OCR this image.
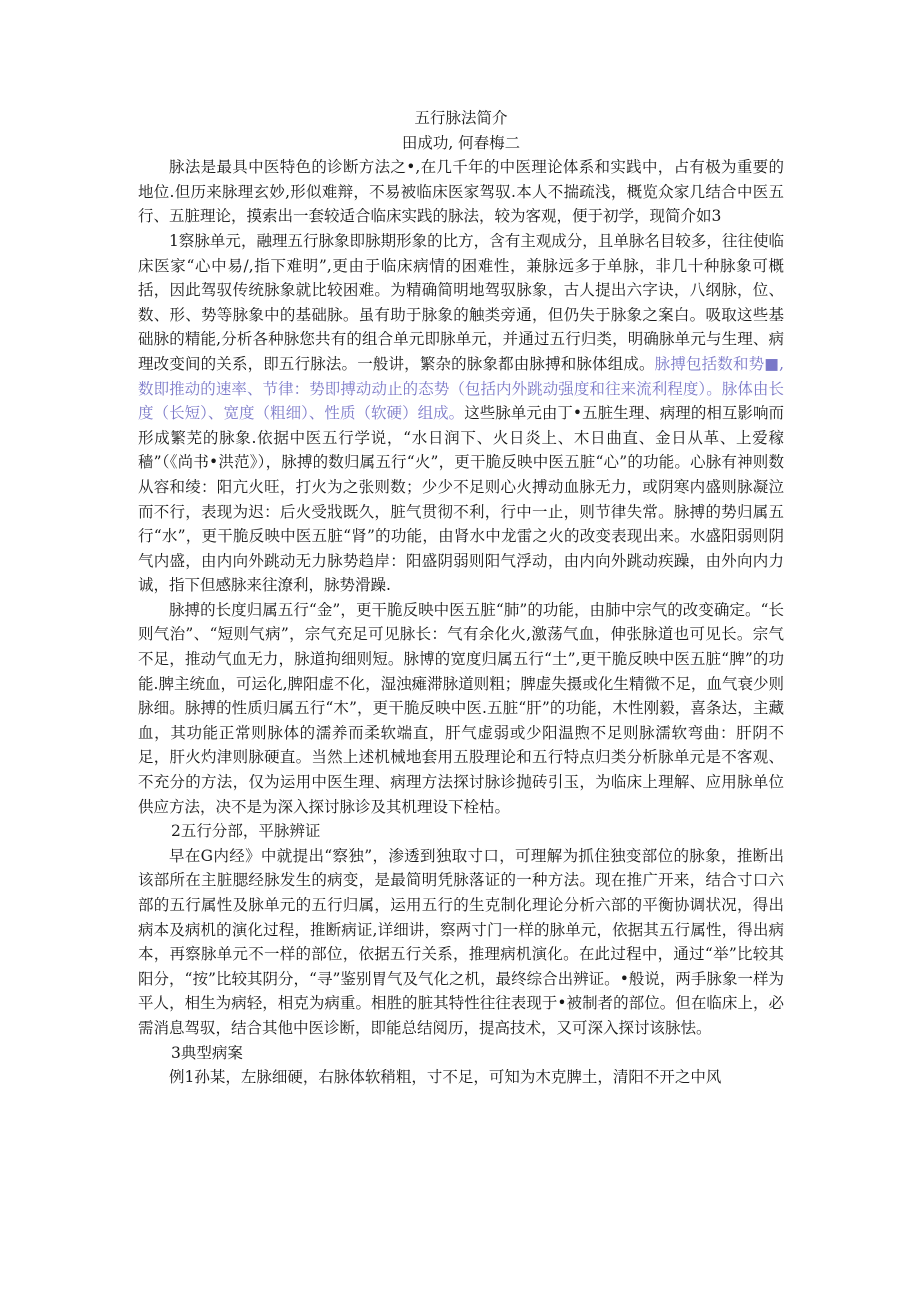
五行脉法简介

田成功, 何春梅二

脉法是最具中医特色的诊断方法之•,在几千年的中医理论体系和实践中，占有极为重要的地位.但历来脉理玄妙,形似难辩，不易被临床医家驾驭.本人不揣疏浅，概览众家几结合中医五行、五脏理论，摸索出一套较适合临床实践的脉法，较为客观，便于初学，现简介如3

1察脉单元，融理五行脉象即脉期形象的比方，含有主观成分，且单脉名目较多，往往使临床医家“心中易/,指下难明”,更由于临床病情的困难性，兼脉远多于单脉，非几十种脉象可概括，因此驾驭传统脉象就比较困难。为精确简明地驾驭脉象，古人提出六字诀，八纲脉，位、数、形、势等脉象中的基础脉。虽有助于脉象的触类旁通，但仍失于脉象之案白。吸取这些基础脉的精能,分析各种脉您共有的组合单元即脉单元，并通过五行归类，明确脉单元与生理、病理改变间的关系，即五行脉法。一般讲，繁杂的脉象都由脉搏和脉体组成。脉搏包括数和势■,数即推动的速率、节律：势即搏动动止的态势（包括内外跳动强度和往来流利程度）。脉体由长度（长短）、宽度（粗细）、性质（软硬）组成。这些脉单元由丁•五脏生理、病理的相互影响而形成繁芜的脉象.依据中医五行学说，“水日润下、火日炎上、木日曲直、金日从革、上爱稼穑”（《尚书•洪范》），脉搏的数归属五行“火”，更干脆反映中医五脏“心”的功能。心脉有神则数从容和绫：阳亢火旺，打火为之张则数；少少不足则心火搏动血脉无力，或阴寒内盛则脉凝泣而不行，表现为迟：后火受戕既久，脏气贯彻不利，行中一止，则节律失常。脉搏的势归属五行“水”，更干脆反映中医五脏“肾”的功能，由肾水中龙雷之火的改变表现出来。水盛阳弱则阴气内盛，由内向外跳动无力脉势趋岸：阳盛阴弱则阳气浮动，由内向外跳动疾躁，由外向内力诚，指下但感脉来往潦利，脉势滑躁.

脉搏的长度归属五行“金”，更干脆反映中医五脏“肺”的功能，由肺中宗气的改变确定。“长则气治”、“短则气病”，宗气充足可见脉长：气有余化火,激荡气血，伸张脉道也可见长。宗气不足，推动气血无力，脉道拘细则短。脉博的宽度归属五行“土”,更干脆反映中医五脏“脾”的功能.脾主统血，可运化,脾阳虚不化，湿浊瘫滞脉道则粗；脾虚失摄或化生精微不足，血气衰少则脉细。脉搏的性质归属五行“木”，更干脆反映中医.五脏“肝”的功能，木性刚毅，喜条达，主藏血，其功能正常则脉体的濡养而柔软端直，肝气虚弱或少阳温煦不足则脉濡软弯曲：肝阴不足，肝火灼津则脉硬直。当然上述机械地套用五股理论和五行特点归类分析脉单元是不客观、不充分的方法，仅为运用中医生理、病理方法探讨脉诊抛砖引玉，为临床上理解、应用脉单位供应方法，决不是为深入探讨脉诊及其机理设下栓枯。

2五行分部，平脉辨证

早在G内经》中就提出“察独”，渗透到独取寸口，可理解为抓住独变部位的脉象，推断出该部所在主脏腮经脉发生的病变，是最简明凭脉落证的一种方法。现在推广开来，结合寸口六部的五行属性及脉单元的五行归属，运用五行的生克制化理论分析六部的平衡协调状况，得出病本及病机的演化过程，推断病证,详细讲，察两寸门一样的脉单元，依据其五行属性，得出病本，再察脉单元不一样的部位，依据五行关系，推理病机演化。在此过程中，通过“举”比较其阳分，“按”比较其阴分，“寻”鉴别胃气及气化之机，最终综合出辨证。•般说，两手脉象一样为平人，相生为病轻，相克为病重。相胜的脏其特性往往表现于•被制者的部位。但在临床上，必需消息驾驭，结合其他中医诊断，即能总结阅历，提高技术，又可深入探讨该脉怯。

3典型病案

例1孙某，左脉细硬，右脉体软稍粗，寸不足，可知为木克脾土，清阳不开之中风
